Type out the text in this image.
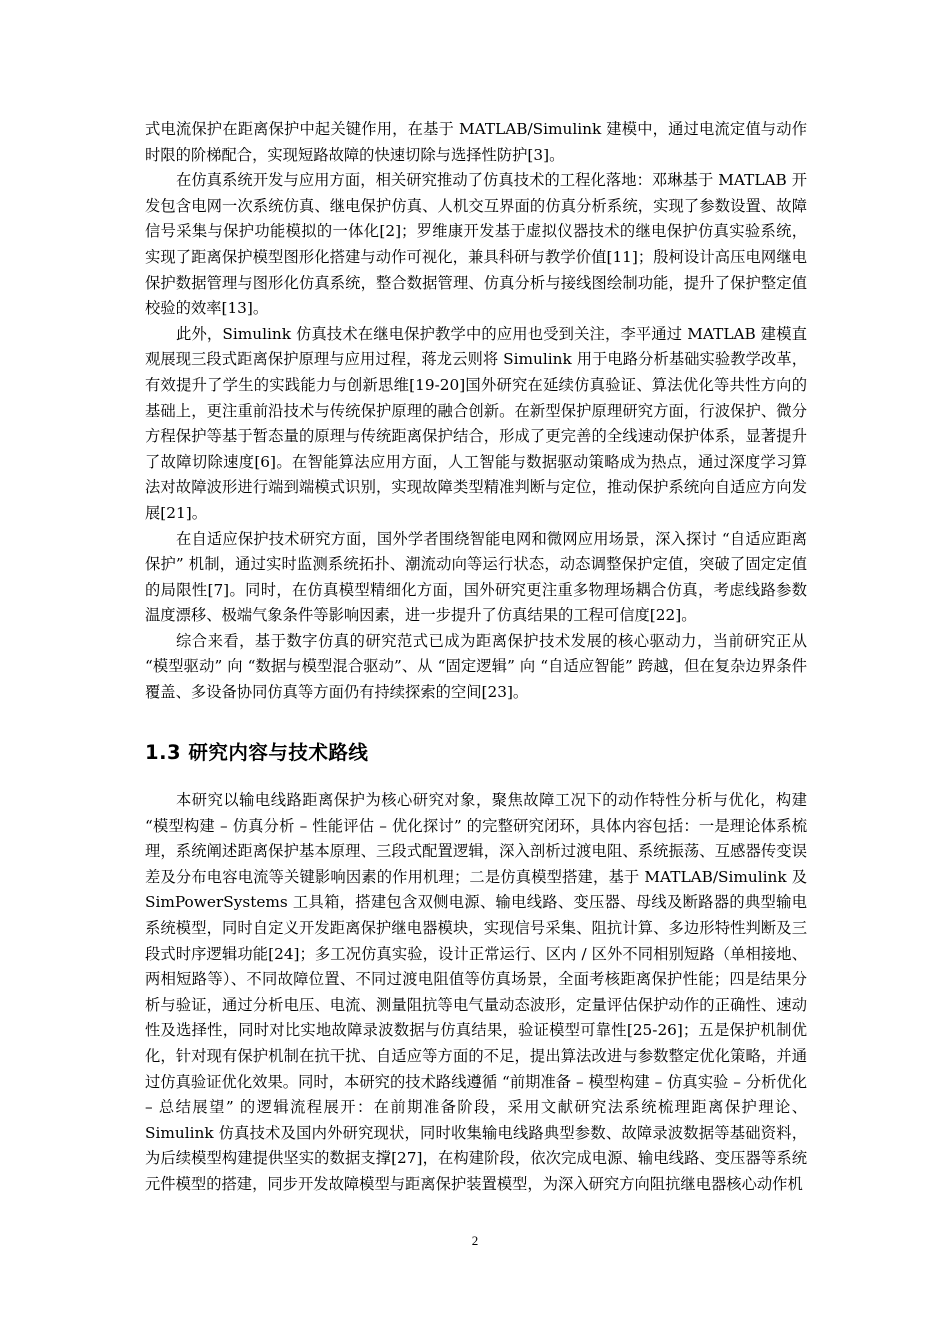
式电流保护在距离保护中起关键作用，在基于 MATLAB/Simulink 建模中，通过电流定值与动作时限的阶梯配合，实现短路故障的快速切除与选择性防护[3]。

在仿真系统开发与应用方面，相关研究推动了仿真技术的工程化落地：邓琳基于 MATLAB 开发包含电网一次系统仿真、继电保护仿真、人机交互界面的仿真分析系统，实现了参数设置、故障信号采集与保护功能模拟的一体化[2]；罗维康开发基于虚拟仪器技术的继电保护仿真实验系统，实现了距离保护模型图形化搭建与动作可视化，兼具科研与教学价值[11]；殷柯设计高压电网继电保护数据管理与图形化仿真系统，整合数据管理、仿真分析与接线图绘制功能，提升了保护整定值校验的效率[13]。

此外，Simulink 仿真技术在继电保护教学中的应用也受到关注，李平通过 MATLAB 建模直观展现三段式距离保护原理与应用过程，蒋龙云则将 Simulink 用于电路分析基础实验教学改革，有效提升了学生的实践能力与创新思维[19-20]国外研究在延续仿真验证、算法优化等共性方向的基础上，更注重前沿技术与传统保护原理的融合创新。在新型保护原理研究方面，行波保护、微分方程保护等基于暂态量的原理与传统距离保护结合，形成了更完善的全线速动保护体系，显著提升了故障切除速度[6]。在智能算法应用方面，人工智能与数据驱动策略成为热点，通过深度学习算法对故障波形进行端到端模式识别，实现故障类型精准判断与定位，推动保护系统向自适应方向发展[21]。

在自适应保护技术研究方面，国外学者围绕智能电网和微网应用场景，深入探讨 “自适应距离保护” 机制，通过实时监测系统拓扑、潮流动向等运行状态，动态调整保护定值，突破了固定定值的局限性[7]。同时，在仿真模型精细化方面，国外研究更注重多物理场耦合仿真，考虑线路参数温度漂移、极端气象条件等影响因素，进一步提升了仿真结果的工程可信度[22]。

综合来看，基于数字仿真的研究范式已成为距离保护技术发展的核心驱动力，当前研究正从 “模型驱动” 向 “数据与模型混合驱动”、从 “固定逻辑” 向 “自适应智能” 跨越，但在复杂边界条件覆盖、多设备协同仿真等方面仍有持续探索的空间[23]。

1.3 研究内容与技术路线

本研究以输电线路距离保护为核心研究对象，聚焦故障工况下的动作特性分析与优化，构建 “模型构建 – 仿真分析 – 性能评估 – 优化探讨” 的完整研究闭环，具体内容包括：一是理论体系梳理，系统阐述距离保护基本原理、三段式配置逻辑，深入剖析过渡电阻、系统振荡、互感器传变误差及分布电容电流等关键影响因素的作用机理；二是仿真模型搭建，基于 MATLAB/Simulink 及 SimPowerSystems 工具箱，搭建包含双侧电源、输电线路、变压器、母线及断路器的典型输电系统模型，同时自定义开发距离保护继电器模块，实现信号采集、阻抗计算、多边形特性判断及三段式时序逻辑功能[24]；多工况仿真实验，设计正常运行、区内 / 区外不同相别短路（单相接地、两相短路等）、不同故障位置、不同过渡电阻值等仿真场景，全面考核距离保护性能；四是结果分析与验证，通过分析电压、电流、测量阻抗等电气量动态波形，定量评估保护动作的正确性、速动性及选择性，同时对比实地故障录波数据与仿真结果，验证模型可靠性[25-26]；五是保护机制优化，针对现有保护机制在抗干扰、自适应等方面的不足，提出算法改进与参数整定优化策略，并通过仿真验证优化效果。同时，本研究的技术路线遵循 “前期准备 – 模型构建 – 仿真实验 – 分析优化 – 总结展望” 的逻辑流程展开：在前期准备阶段，采用文献研究法系统梳理距离保护理论、Simulink 仿真技术及国内外研究现状，同时收集输电线路典型参数、故障录波数据等基础资料，为后续模型构建提供坚实的数据支撑[27]，在构建阶段，依次完成电源、输电线路、变压器等系统元件模型的搭建，同步开发故障模型与距离保护装置模型，为深入研究方向阻抗继电器核心动作机

2
